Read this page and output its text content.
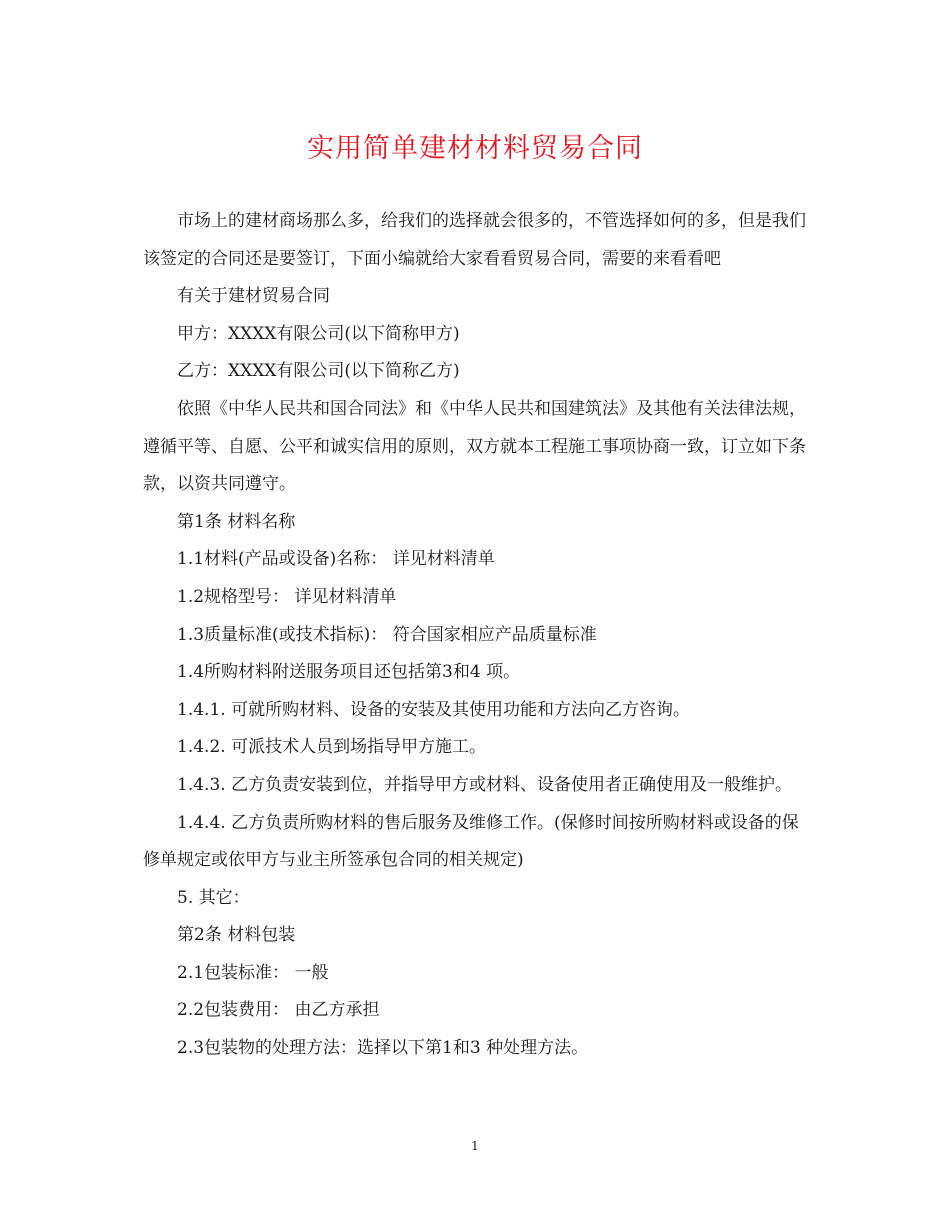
实用简单建材材料贸易合同

市场上的建材商场那么多，给我们的选择就会很多的，不管选择如何的多，但是我们该签定的合同还是要签订，下面小编就给大家看看贸易合同，需要的来看看吧

有关于建材贸易合同

甲方：XXXX有限公司(以下简称甲方)

乙方：XXXX有限公司(以下简称乙方)

依照《中华人民共和国合同法》和《中华人民共和国建筑法》及其他有关法律法规，遵循平等、自愿、公平和诚实信用的原则，双方就本工程施工事项协商一致，订立如下条款，以资共同遵守。

第1条 材料名称

1.1材料(产品或设备)名称： 详见材料清单

1.2规格型号： 详见材料清单

1.3质量标准(或技术指标)： 符合国家相应产品质量标准

1.4所购材料附送服务项目还包括第3和4 项。

1.4.1. 可就所购材料、设备的安装及其使用功能和方法向乙方咨询。

1.4.2. 可派技术人员到场指导甲方施工。

1.4.3. 乙方负责安装到位，并指导甲方或材料、设备使用者正确使用及一般维护。

1.4.4. 乙方负责所购材料的售后服务及维修工作。(保修时间按所购材料或设备的保修单规定或依甲方与业主所签承包合同的相关规定)

5. 其它：

第2条 材料包装

2.1包装标准： 一般

2.2包装费用： 由乙方承担

2.3包装物的处理方法：选择以下第1和3 种处理方法。

1
